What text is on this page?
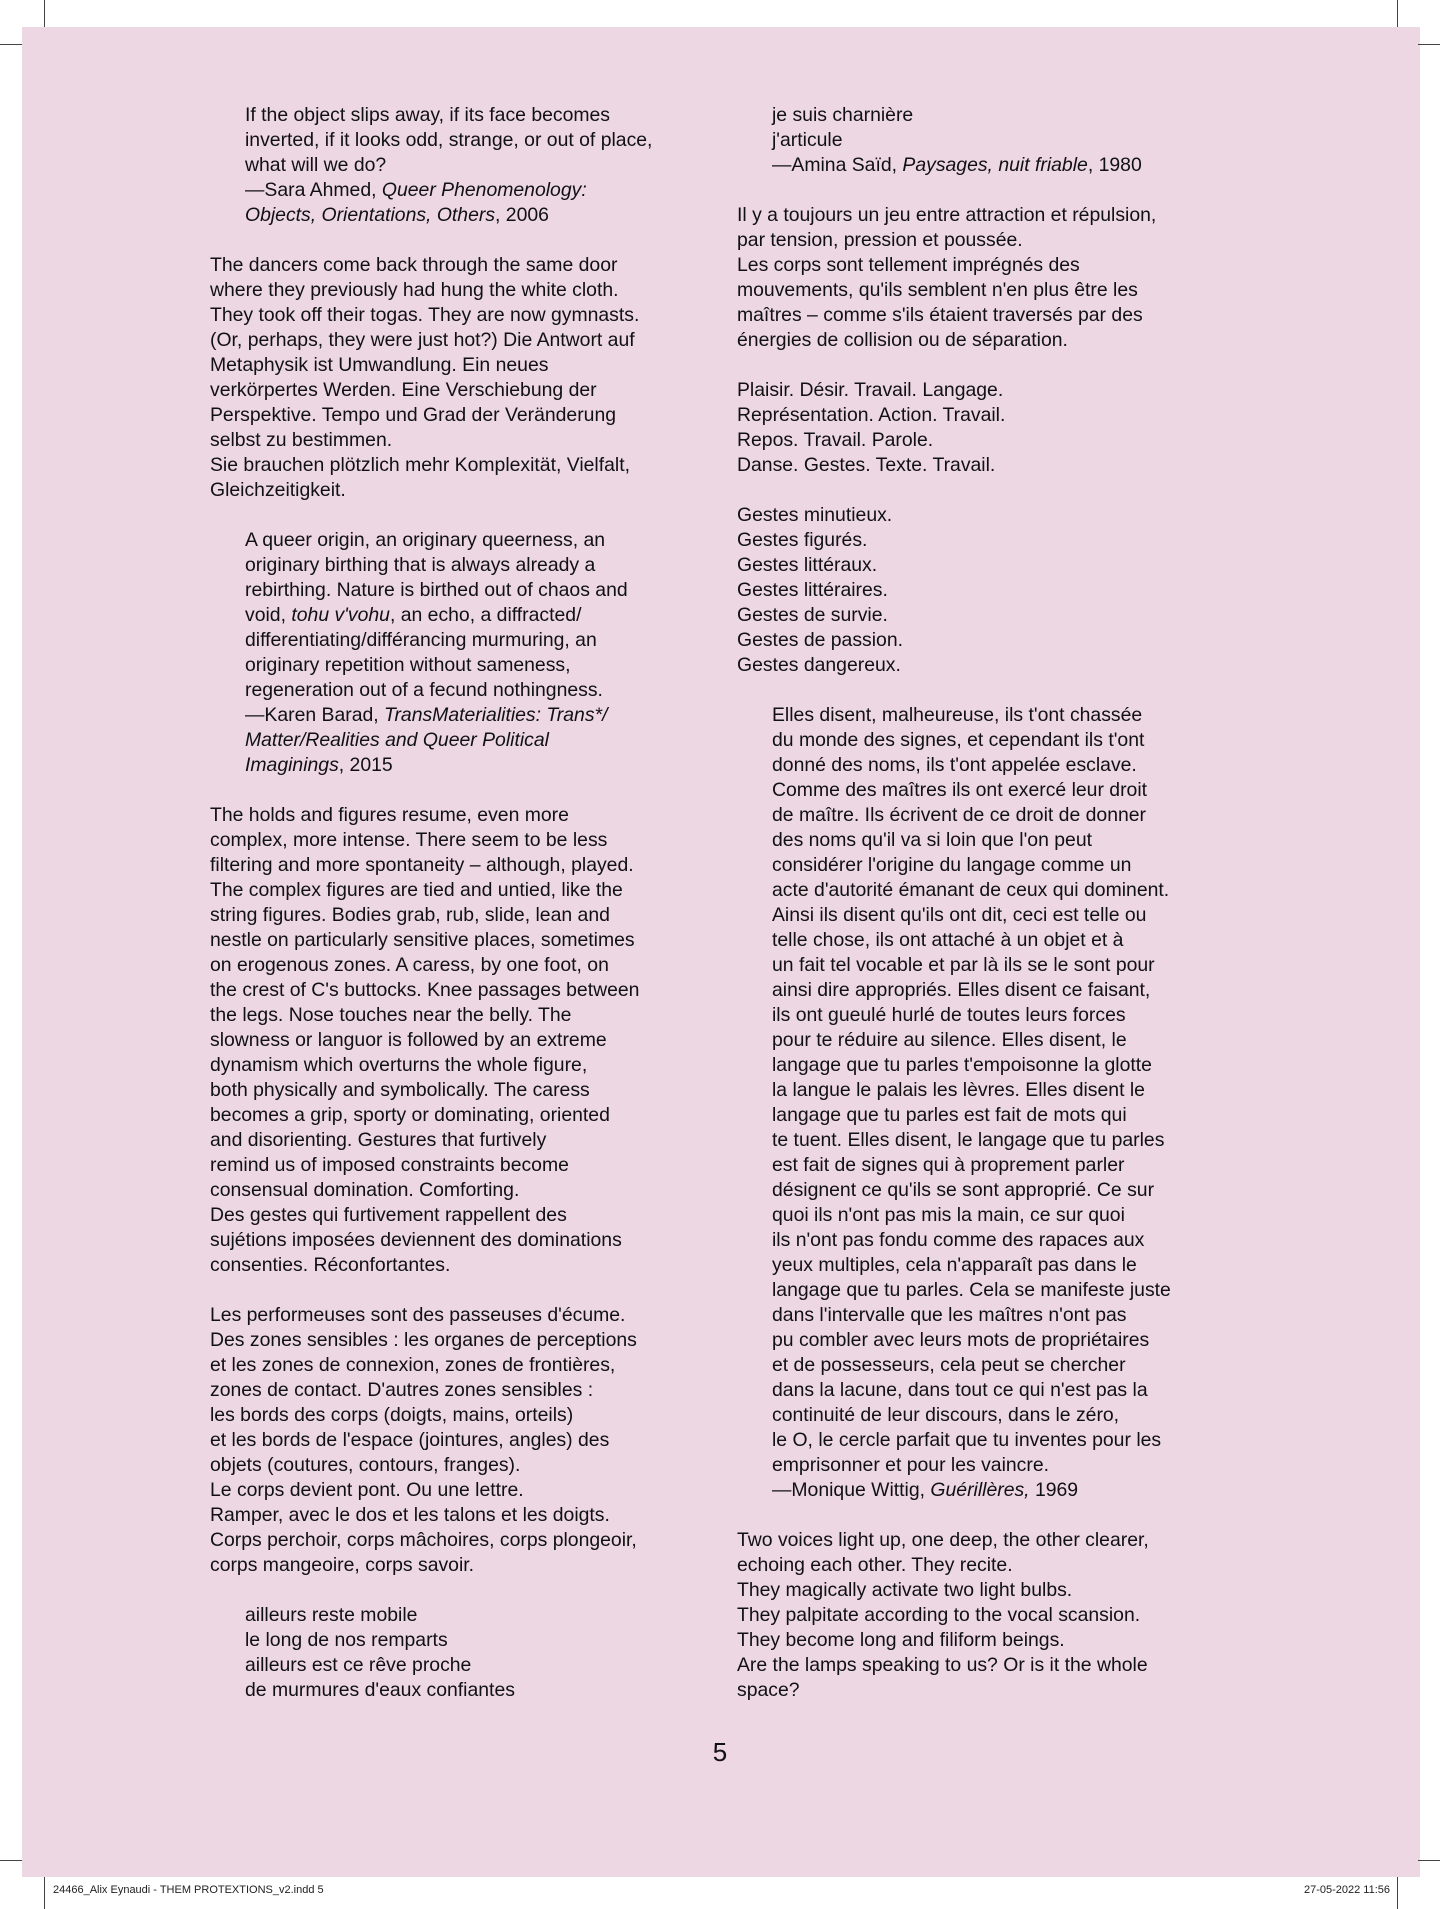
If the object slips away, if its face becomes
inverted, if it looks odd, strange, or out of place,
what will we do?
—Sara Ahmed, Queer Phenomenology:
Objects, Orientations, Others, 2006
The dancers come back through the same door
where they previously had hung the white cloth.
They took off their togas. They are now gymnasts.
(Or, perhaps, they were just hot?) Die Antwort auf
Metaphysik ist Umwandlung. Ein neues
verkörpertes Werden. Eine Verschiebung der
Perspektive. Tempo und Grad der Veränderung
selbst zu bestimmen.
Sie brauchen plötzlich mehr Komplexität, Vielfalt,
Gleichzeitigkeit.
A queer origin, an originary queerness, an
originary birthing that is always already a
rebirthing. Nature is birthed out of chaos and
void, tohu v'vohu, an echo, a diffracted/
differentiating/différancing murmuring, an
originary repetition without sameness,
regeneration out of a fecund nothingness.
—Karen Barad, TransMaterialities: Trans*/
Matter/Realities and Queer Political
Imaginings, 2015
The holds and figures resume, even more
complex, more intense. There seem to be less
filtering and more spontaneity – although, played.
The complex figures are tied and untied, like the
string figures. Bodies grab, rub, slide, lean and
nestle on particularly sensitive places, sometimes
on erogenous zones. A caress, by one foot, on
the crest of C's buttocks. Knee passages between
the legs. Nose touches near the belly. The
slowness or languor is followed by an extreme
dynamism which overturns the whole figure,
both physically and symbolically. The caress
becomes a grip, sporty or dominating, oriented
and disorienting. Gestures that furtively
remind us of imposed constraints become
consensual domination. Comforting.
Des gestes qui furtivement rappellent des
sujétions imposées deviennent des dominations
consenties. Réconfortantes.
Les performeuses sont des passeuses d'écume.
Des zones sensibles : les organes de perceptions
et les zones de connexion, zones de frontières,
zones de contact. D'autres zones sensibles :
les bords des corps (doigts, mains, orteils)
et les bords de l'espace (jointures, angles) des
objets (coutures, contours, franges).
Le corps devient pont. Ou une lettre.
Ramper, avec le dos et les talons et les doigts.
Corps perchoir, corps mâchoires, corps plongeoir,
corps mangeoire, corps savoir.
ailleurs reste mobile
le long de nos remparts
ailleurs est ce rêve proche
de murmures d'eaux confiantes
je suis charnière
j'articule
—Amina Saïd, Paysages, nuit friable, 1980
Il y a toujours un jeu entre attraction et répulsion,
par tension, pression et poussée.
Les corps sont tellement imprégnés des
mouvements, qu'ils semblent n'en plus être les
maîtres – comme s'ils étaient traversés par des
énergies de collision ou de séparation.
Plaisir. Désir. Travail. Langage.
Représentation. Action. Travail.
Repos. Travail. Parole.
Danse. Gestes. Texte. Travail.
Gestes minutieux.
Gestes figurés.
Gestes littéraux.
Gestes littéraires.
Gestes de survie.
Gestes de passion.
Gestes dangereux.
Elles disent, malheureuse, ils t'ont chassée
du monde des signes, et cependant ils t'ont
donné des noms, ils t'ont appelée esclave.
Comme des maîtres ils ont exercé leur droit
de maître. Ils écrivent de ce droit de donner
des noms qu'il va si loin que l'on peut
considérer l'origine du langage comme un
acte d'autorité émanant de ceux qui dominent.
Ainsi ils disent qu'ils ont dit, ceci est telle ou
telle chose, ils ont attaché à un objet et à
un fait tel vocable et par là ils se le sont pour
ainsi dire appropriés. Elles disent ce faisant,
ils ont gueulé hurlé de toutes leurs forces
pour te réduire au silence. Elles disent, le
langage que tu parles t'empoisonne la glotte
la langue le palais les lèvres. Elles disent le
langage que tu parles est fait de mots qui
te tuent. Elles disent, le langage que tu parles
est fait de signes qui à proprement parler
désignent ce qu'ils se sont approprié. Ce sur
quoi ils n'ont pas mis la main, ce sur quoi
ils n'ont pas fondu comme des rapaces aux
yeux multiples, cela n'apparaît pas dans le
langage que tu parles. Cela se manifeste juste
dans l'intervalle que les maîtres n'ont pas
pu combler avec leurs mots de propriétaires
et de possesseurs, cela peut se chercher
dans la lacune, dans tout ce qui n'est pas la
continuité de leur discours, dans le zéro,
le O, le cercle parfait que tu inventes pour les
emprisonner et pour les vaincre.
—Monique Wittig, Guérillères, 1969
Two voices light up, one deep, the other clearer,
echoing each other. They recite.
They magically activate two light bulbs.
They palpitate according to the vocal scansion.
They become long and filiform beings.
Are the lamps speaking to us? Or is it the whole
space?
5
24466_Alix Eynaudi - THEM PROTEXTIONS_v2.indd 5	27-05-2022 11:56
